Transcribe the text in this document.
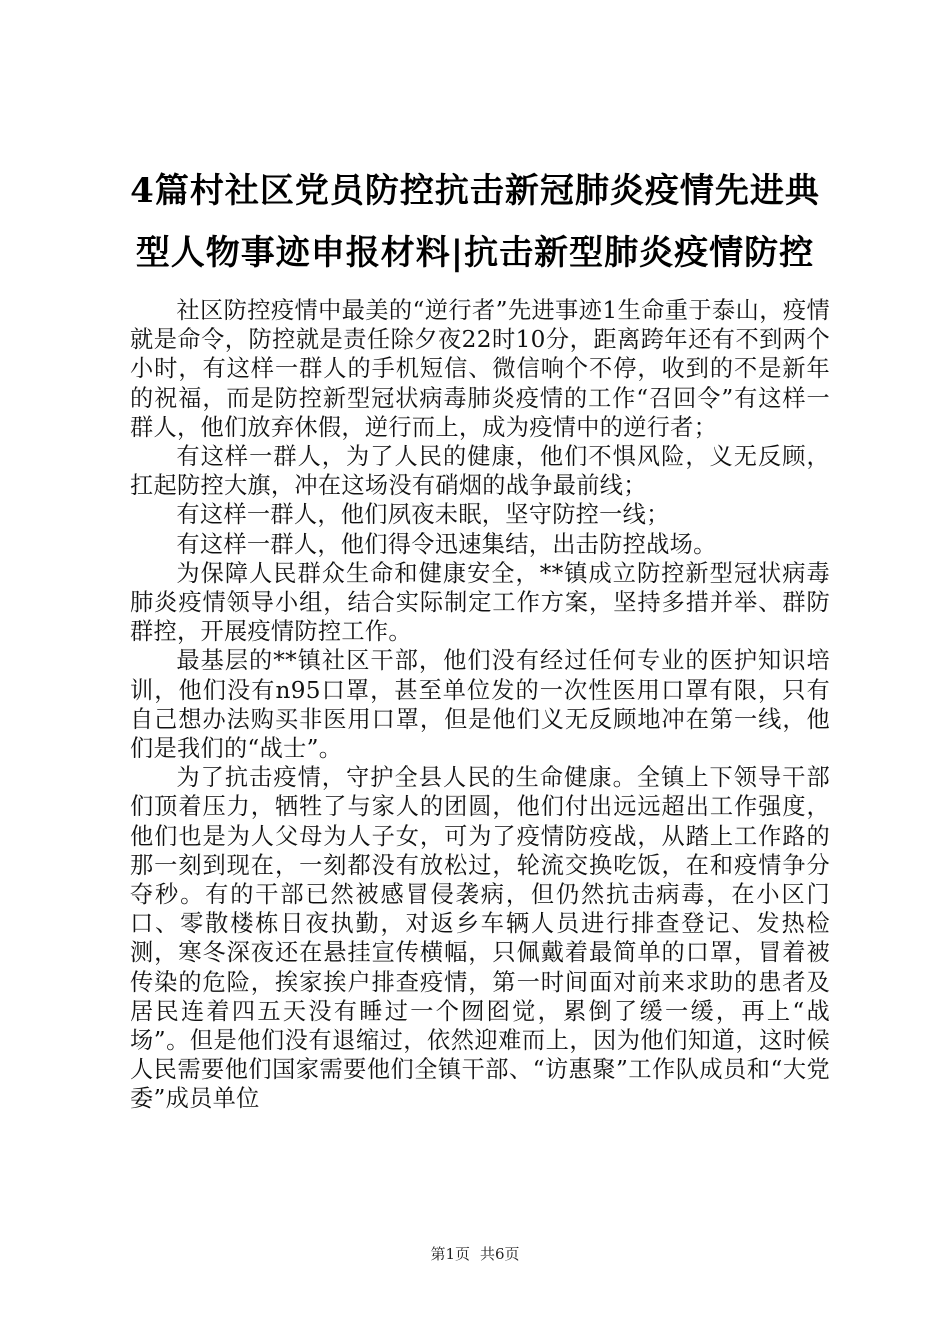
4篇村社区党员防控抗击新冠肺炎疫情先进典
型人物事迹申报材料|抗击新型肺炎疫情防控

社区防控疫情中最美的“逆行者”先进事迹1生命重于泰山，疫情就是命令，防控就是责任除夕夜22时10分，距离跨年还有不到两个小时，有这样一群人的手机短信、微信响个不停，收到的不是新年的祝福，而是防控新型冠状病毒肺炎疫情的工作“召回令”有这样一群人，他们放弃休假，逆行而上，成为疫情中的逆行者；

有这样一群人，为了人民的健康，他们不惧风险，义无反顾，扛起防控大旗，冲在这场没有硝烟的战争最前线；

有这样一群人，他们夙夜未眠，坚守防控一线；

有这样一群人，他们得令迅速集结，出击防控战场。

为保障人民群众生命和健康安全，**镇成立防控新型冠状病毒肺炎疫情领导小组，结合实际制定工作方案，坚持多措并举、群防群控，开展疫情防控工作。

最基层的**镇社区干部，他们没有经过任何专业的医护知识培训，他们没有n95口罩，甚至单位发的一次性医用口罩有限，只有自己想办法购买非医用口罩，但是他们义无反顾地冲在第一线，他们是我们的“战士”。

为了抗击疫情，守护全县人民的生命健康。全镇上下领导干部们顶着压力，牺牲了与家人的团圆，他们付出远远超出工作强度，他们也是为人父母为人子女，可为了疫情防疫战，从踏上工作路的那一刻到现在，一刻都没有放松过，轮流交换吃饭，在和疫情争分夺秒。有的干部已然被感冒侵袭病，但仍然抗击病毒，在小区门口、零散楼栋日夜执勤，对返乡车辆人员进行排查登记、发热检测，寒冬深夜还在悬挂宣传横幅，只佩戴着最简单的口罩，冒着被传染的危险，挨家挨户排查疫情，第一时间面对前来求助的患者及居民连着四五天没有睡过一个囫囵觉，累倒了缓一缓，再上“战场”。但是他们没有退缩过，依然迎难而上，因为他们知道，这时候人民需要他们国家需要他们全镇干部、“访惠聚”工作队成员和“大党委”成员单位

第1页 共6页
